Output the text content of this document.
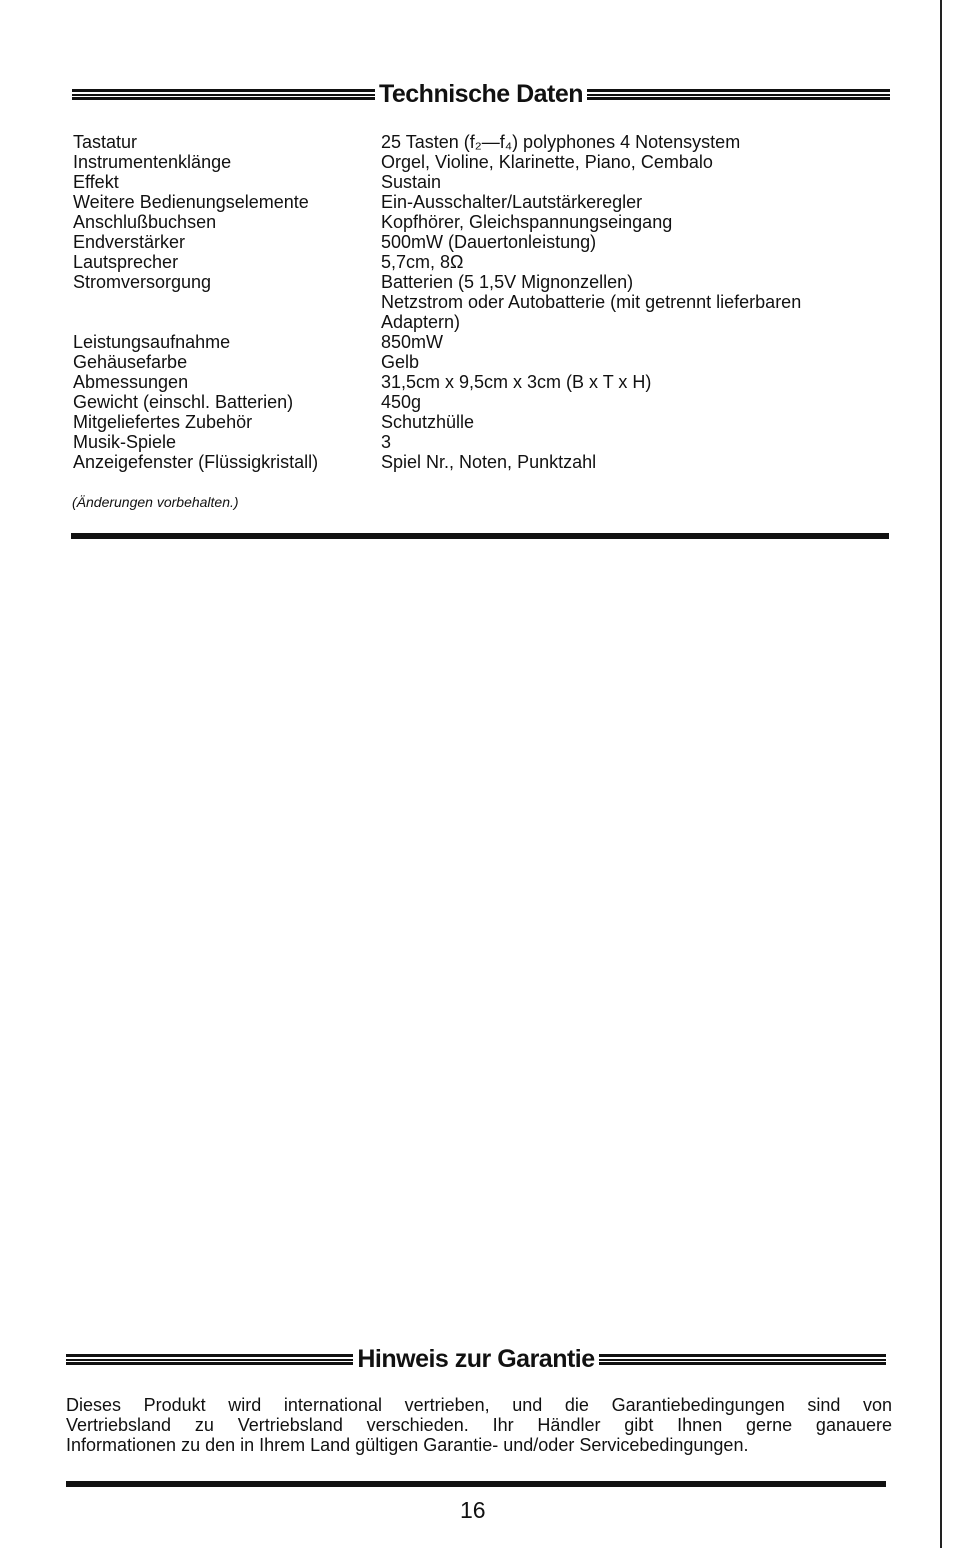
Technische Daten
Tastatur	25 Tasten (f₂—f₄) polyphones 4 Notensystem
Instrumentenklänge	Orgel, Violine, Klarinette, Piano, Cembalo
Effekt	Sustain
Weitere Bedienungselemente	Ein-Ausschalter/Lautstärkeregler
Anschlußbuchsen	Kopfhörer, Gleichspannungseingang
Endverstärker	500mW (Dauertonleistung)
Lautsprecher	5,7cm, 8Ω
Stromversorgung	Batterien (5 1,5V Mignonzellen)
Netzstrom oder Autobatterie (mit getrennt lieferbaren
Adaptern)
Leistungsaufnahme	850mW
Gehäusefarbe	Gelb
Abmessungen	31,5cm x 9,5cm x 3cm (B x T x H)
Gewicht (einschl. Batterien)	450g
Mitgeliefertes Zubehör	Schutzhülle
Musik-Spiele	3
Anzeigefenster (Flüssigkristall)	Spiel Nr., Noten, Punktzahl
(Änderungen vorbehalten.)
Hinweis zur Garantie
Dieses Produkt wird international vertrieben, und die Garantiebedingungen sind von
Vertriebsland zu Vertriebsland verschieden. Ihr Händler gibt Ihnen gerne ganauere
Informationen zu den in Ihrem Land gültigen Garantie- und/oder Servicebedingungen.
16
